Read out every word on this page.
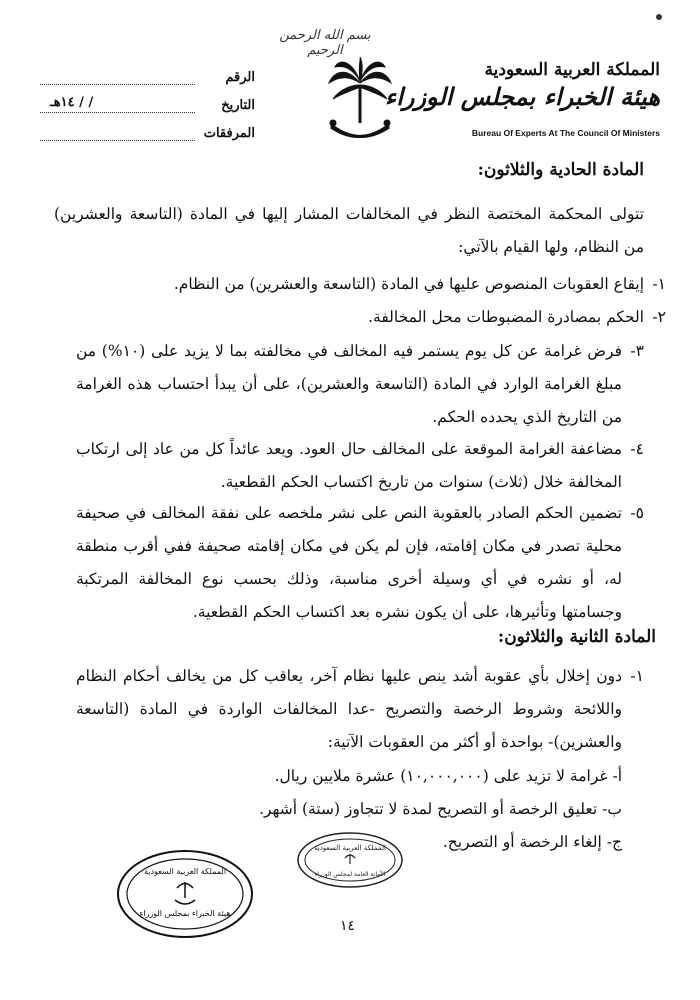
بسم الله الرحمن الرحيم
المملكة العربية السعودية
هيئة الخبراء بمجلس الوزراء
Bureau Of Experts At The Council Of Ministers
الرقم
التاريخ
/ / ١٤هـ
المرفقات
المادة الحادية والثلاثون:
تتولى المحكمة المختصة النظر في المخالفات المشار إليها في المادة (التاسعة والعشرين) من النظام، ولها القيام بالآتي:
إيقاع العقوبات المنصوص عليها في المادة (التاسعة والعشرين) من النظام. ١-
الحكم بمصادرة المضبوطات محل المخالفة. ٢-
فرض غرامة عن كل يوم يستمر فيه المخالف في مخالفته بما لا يزيد على (١٠%) من مبلغ الغرامة الوارد في المادة (التاسعة والعشرين)، على أن يبدأ احتساب هذه الغرامة من التاريخ الذي يحدده الحكم.
٣-
مضاعفة الغرامة الموقعة على المخالف حال العود. ويعد عائداً كل من عاد إلى ارتكاب المخالفة خلال (ثلاث) سنوات من تاريخ اكتساب الحكم القطعية.
٤-
تضمين الحكم الصادر بالعقوبة النص على نشر ملخصه على نفقة المخالف في صحيفة محلية تصدر في مكان إقامته، فإن لم يكن في مكان إقامته صحيفة ففي أقرب منطقة له، أو نشره في أي وسيلة أخرى مناسبة، وذلك بحسب نوع المخالفة المرتكبة وجسامتها وتأثيرها، على أن يكون نشره بعد اكتساب الحكم القطعية.
٥-
المادة الثانية والثلاثون:
دون إخلال بأي عقوبة أشد ينص عليها نظام آخر، يعاقب كل من يخالف أحكام النظام واللائحة وشروط الرخصة والتصريح -عدا المخالفات الواردة في المادة (التاسعة والعشرين)- بواحدة أو أكثر من العقوبات الآتية:
١-
أ- غرامة لا تزيد على (١٠,٠٠٠,٠٠٠) عشرة ملايين ريال.
ب- تعليق الرخصة أو التصريح لمدة لا تتجاوز (ستة) أشهر.
ج- إلغاء الرخصة أو التصريح.
المملكة العربية السعودية
الأمانة العامة لمجلس الوزراء
المملكة العربية السعودية
هيئة الخبراء بمجلس الوزراء
١٤
